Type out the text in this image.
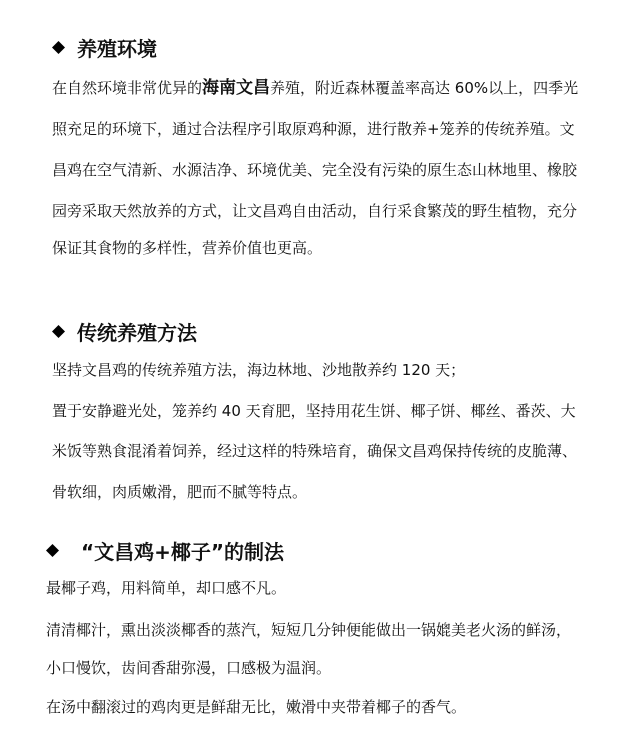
养殖环境
在自然环境非常优异的海南文昌养殖，附近森林覆盖率高达 60%以上，四季光
照充足的环境下，通过合法程序引取原鸡种源，进行散养+笼养的传统养殖。文
昌鸡在空气清新、水源洁净、环境优美、完全没有污染的原生态山林地里、橡胶
园旁采取天然放养的方式，让文昌鸡自由活动，自行采食繁茂的野生植物，充分
保证其食物的多样性，营养价值也更高。
传统养殖方法
坚持文昌鸡的传统养殖方法，海边林地、沙地散养约 120 天；
置于安静避光处，笼养约 40 天育肥，坚持用花生饼、椰子饼、椰丝、番茨、大
米饭等熟食混淆着饲养，经过这样的特殊培育，确保文昌鸡保持传统的皮脆薄、
骨软细，肉质嫩滑，肥而不腻等特点。
“文昌鸡+椰子”的制法
最椰子鸡，用料简单，却口感不凡。
清清椰汁，熏出淡淡椰香的蒸汽，短短几分钟便能做出一锅媲美老火汤的鲜汤，
小口慢饮，齿间香甜弥漫，口感极为温润。
在汤中翻滚过的鸡肉更是鲜甜无比，嫩滑中夹带着椰子的香气。
